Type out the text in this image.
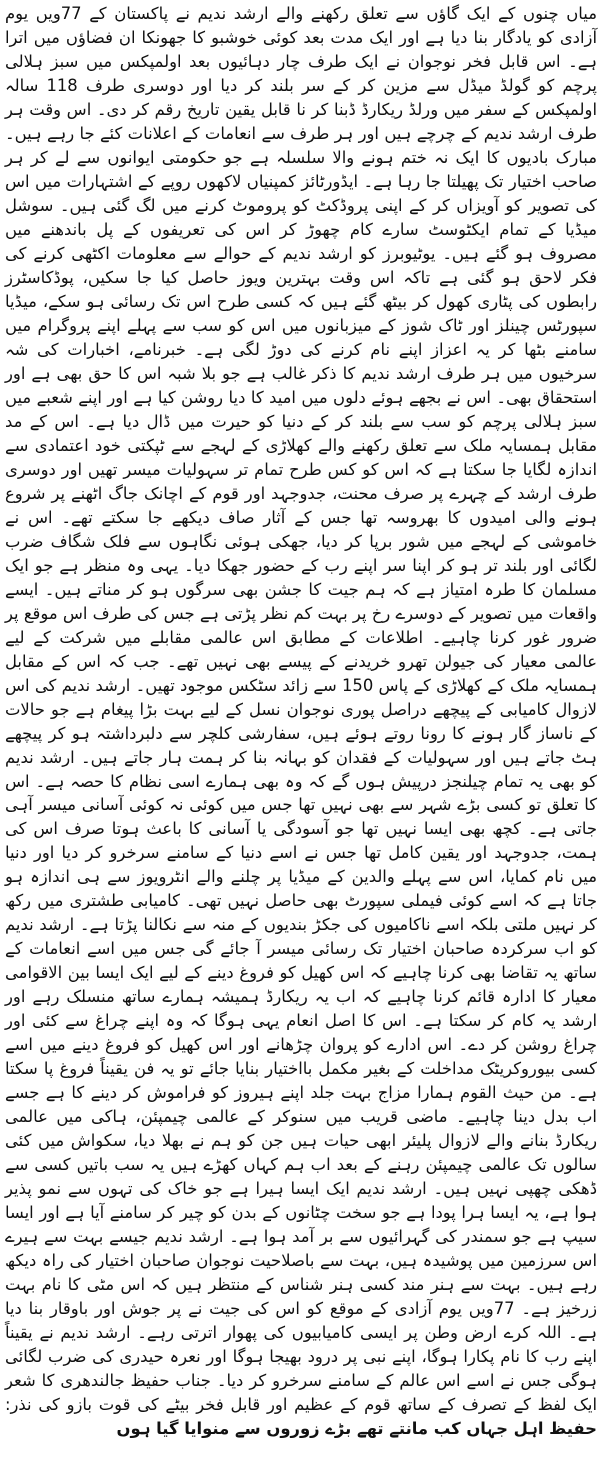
میاں چنوں کے ایک گاؤں سے تعلق رکھنے والے ارشد ندیم نے پاکستان کے 77ویں یوم آزادی کو یادگار بنا دیا ہے اور ایک مدت بعد کوئی خوشبو کا جھونکا ان فضاؤں میں اترا ہے۔ اس قابل فخر نوجوان نے ایک طرف چار دہائیوں بعد اولمپکس میں سبز ہلالی پرچم کو گولڈ میڈل سے مزین کر کے سر بلند کر دیا اور دوسری طرف 118 سالہ اولمپکس کے سفر میں ورلڈ ریکارڈ ڈبنا کر نا قابل یقین تاریخ رقم کر دی۔ اس وقت ہر طرف ارشد ندیم کے چرچے ہیں اور ہر طرف سے انعامات کے اعلانات کئے جا رہے ہیں۔ مبارک بادیوں کا ایک نہ ختم ہونے والا سلسلہ ہے جو حکومتی ایوانوں سے لے کر ہر صاحب اختیار تک پھیلتا جا رہا ہے۔ ایڈورٹائز کمپنیاں لاکھوں روپے کے اشتہارات میں اس کی تصویر کو آویزاں کر کے اپنی پروڈکٹ کو پروموٹ کرنے میں لگ گئی ہیں۔ سوشل میڈیا کے تمام ایکٹوسٹ سارے کام چھوڑ کر اس کی تعریفوں کے پل باندھنے میں مصروف ہو گئے ہیں۔ یوٹیوبرز کو ارشد ندیم کے حوالے سے معلومات اکٹھی کرنے کی فکر لاحق ہو گئی ہے تاکہ اس وقت بہترین ویوز حاصل کیا جا سکیں، پوڈکاسٹرز رابطوں کی پٹاری کھول کر بیٹھ گئے ہیں کہ کسی طرح اس تک رسائی ہو سکے، میڈیا سپورٹس چینلز اور ٹاک شوز کے میزبانوں میں اس کو سب سے پہلے اپنے پروگرام میں سامنے بٹھا کر یہ اعزاز اپنے نام کرنے کی دوڑ لگی ہے۔ خبرنامے، اخبارات کی شہ سرخیوں میں ہر طرف ارشد ندیم کا ذکر غالب ہے جو بلا شبہ اس کا حق بھی ہے اور استحقاق بھی۔ اس نے بجھے ہوئے دلوں میں امید کا دیا روشن کیا ہے اور اپنے شعبے میں سبز ہلالی پرچم کو سب سے بلند کر کے دنیا کو حیرت میں ڈال دیا ہے۔ اس کے مد مقابل ہمسایہ ملک سے تعلق رکھنے والے کھلاڑی کے لہجے سے ٹپکتی خود اعتمادی سے اندازہ لگایا جا سکتا ہے کہ اس کو کس طرح تمام تر سہولیات میسر تھیں اور دوسری طرف ارشد کے چہرے پر صرف محنت، جدوجہد اور قوم کے اچانک جاگ اٹھنے پر شروع ہونے والی امیدوں کا بھروسہ تھا جس کے آثار صاف دیکھے جا سکتے تھے۔ اس نے خاموشی کے لہجے میں شور برپا کر دیا، جھکی ہوئی نگاہوں سے فلک شگاف ضرب لگائی اور بلند تر ہو کر اپنا سر اپنے رب کے حضور جھکا دیا۔ یہی وہ منظر ہے جو ایک مسلمان کا طرہ امتیاز ہے کہ ہم جیت کا جشن بھی سرگوں ہو کر مناتے ہیں۔ ایسے واقعات میں تصویر کے دوسرے رخ پر بہت کم نظر پڑتی ہے جس کی طرف اس موقع پر ضرور غور کرنا چاہیے۔ اطلاعات کے مطابق اس عالمی مقابلے میں شرکت کے لیے عالمی معیار کی جیولن تھرو خریدنے کے پیسے بھی نہیں تھے۔ جب کہ اس کے مقابل ہمسایہ ملک کے کھلاڑی کے پاس 150 سے زائد سٹکس موجود تھیں۔ ارشد ندیم کی اس لازوال کامیابی کے پیچھے دراصل پوری نوجوان نسل کے لیے بہت بڑا پیغام ہے جو حالات کے ناساز گار ہونے کا رونا روتے ہوئے ہیں، سفارشی کلچر سے دلبرداشتہ ہو کر پیچھے ہٹ جاتے ہیں اور سہولیات کے فقدان کو بہانہ بنا کر ہمت ہار جاتے ہیں۔ ارشد ندیم کو بھی یہ تمام چیلنجز درپیش ہوں گے کہ وہ بھی ہمارے اسی نظام کا حصہ ہے۔ اس کا تعلق تو کسی بڑے شہر سے بھی نہیں تھا جس میں کوئی نہ کوئی آسانی میسر آہی جاتی ہے۔ کچھ بھی ایسا نہیں تھا جو آسودگی یا آسانی کا باعث ہوتا صرف اس کی ہمت، جدوجہد اور یقین کامل تھا جس نے اسے دنیا کے سامنے سرخرو کر دیا اور دنیا میں نام کمایا، اس سے پہلے والدین کے میڈیا پر چلنے والے انٹرویوز سے ہی اندازہ ہو جاتا ہے کہ اسے کوئی فیملی سپورٹ بھی حاصل نہیں تھی۔ کامیابی طشتری میں رکھ کر نہیں ملتی بلکہ اسے ناکامیوں کی جکڑ بندیوں کے منہ سے نکالنا پڑتا ہے۔ ارشد ندیم کو اب سرکردہ صاحبان اختیار تک رسائی میسر آ جائے گی جس میں اسے انعامات کے ساتھ یہ تقاضا بھی کرنا چاہیے کہ اس کھیل کو فروغ دینے کے لیے ایک ایسا بین الاقوامی معیار کا ادارہ قائم کرنا چاہیے کہ اب یہ ریکارڈ ہمیشہ ہمارے ساتھ منسلک رہے اور ارشد یہ کام کر سکتا ہے۔ اس کا اصل انعام یہی ہوگا کہ وہ اپنے چراغ سے کئی اور چراغ روشن کر دے۔ اس ادارے کو پروان چڑھانے اور اس کھیل کو فروغ دینے میں اسے کسی بیوروکریٹک مداخلت کے بغیر مکمل بااختیار بنایا جائے تو یہ فن یقیناً فروغ پا سکتا ہے۔ من حیث القوم ہمارا مزاج بہت جلد اپنے ہیروز کو فراموش کر دینے کا ہے جسے اب بدل دینا چاہیے۔ ماضی قریب میں سنوکر کے عالمی چیمپئن، ہاکی میں عالمی ریکارڈ بنانے والے لازوال پلیئر ابھی حیات ہیں جن کو ہم نے بھلا دیا، سکواش میں کئی سالوں تک عالمی چیمپئن رہنے کے بعد اب ہم کہاں کھڑے ہیں یہ سب باتیں کسی سے ڈھکی چھپی نہیں ہیں۔ ارشد ندیم ایک ایسا ہیرا ہے جو خاک کی تہوں سے نمو پذیر ہوا ہے، یہ ایسا ہرا پودا ہے جو سخت چٹانوں کے بدن کو چیر کر سامنے آیا ہے اور ایسا سیپ ہے جو سمندر کی گہرائیوں سے بر آمد ہوا ہے۔ ارشد ندیم جیسے بہت سے ہیرے اس سرزمین میں پوشیدہ ہیں، بہت سے باصلاحیت نوجوان صاحبان اختیار کی راہ دیکھ رہے ہیں۔ بہت سے ہنر مند کسی ہنر شناس کے منتظر ہیں کہ اس مٹی کا نام بہت زرخیز ہے۔ 77ویں یوم آزادی کے موقع کو اس کی جیت نے پر جوش اور باوقار بنا دیا ہے۔ اللہ کرے ارض وطن پر ایسی کامیابیوں کی پھوار اترتی رہے۔ ارشد ندیم نے یقیناً اپنے رب کا نام پکارا ہوگا، اپنے نبی پر درود بھیجا ہوگا اور نعرہ حیدری کی ضرب لگائی ہوگی جس نے اسے اس عالم کے سامنے سرخرو کر دیا۔ جناب حفیظ جالندھری کا شعر ایک لفظ کے تصرف کے ساتھ قوم کے عظیم اور قابل فخر بیٹے کی قوت بازو کی نذر: حفیظ اہل جہاں کب مانتے تھے بڑے زوروں سے منوایا گیا ہوں
